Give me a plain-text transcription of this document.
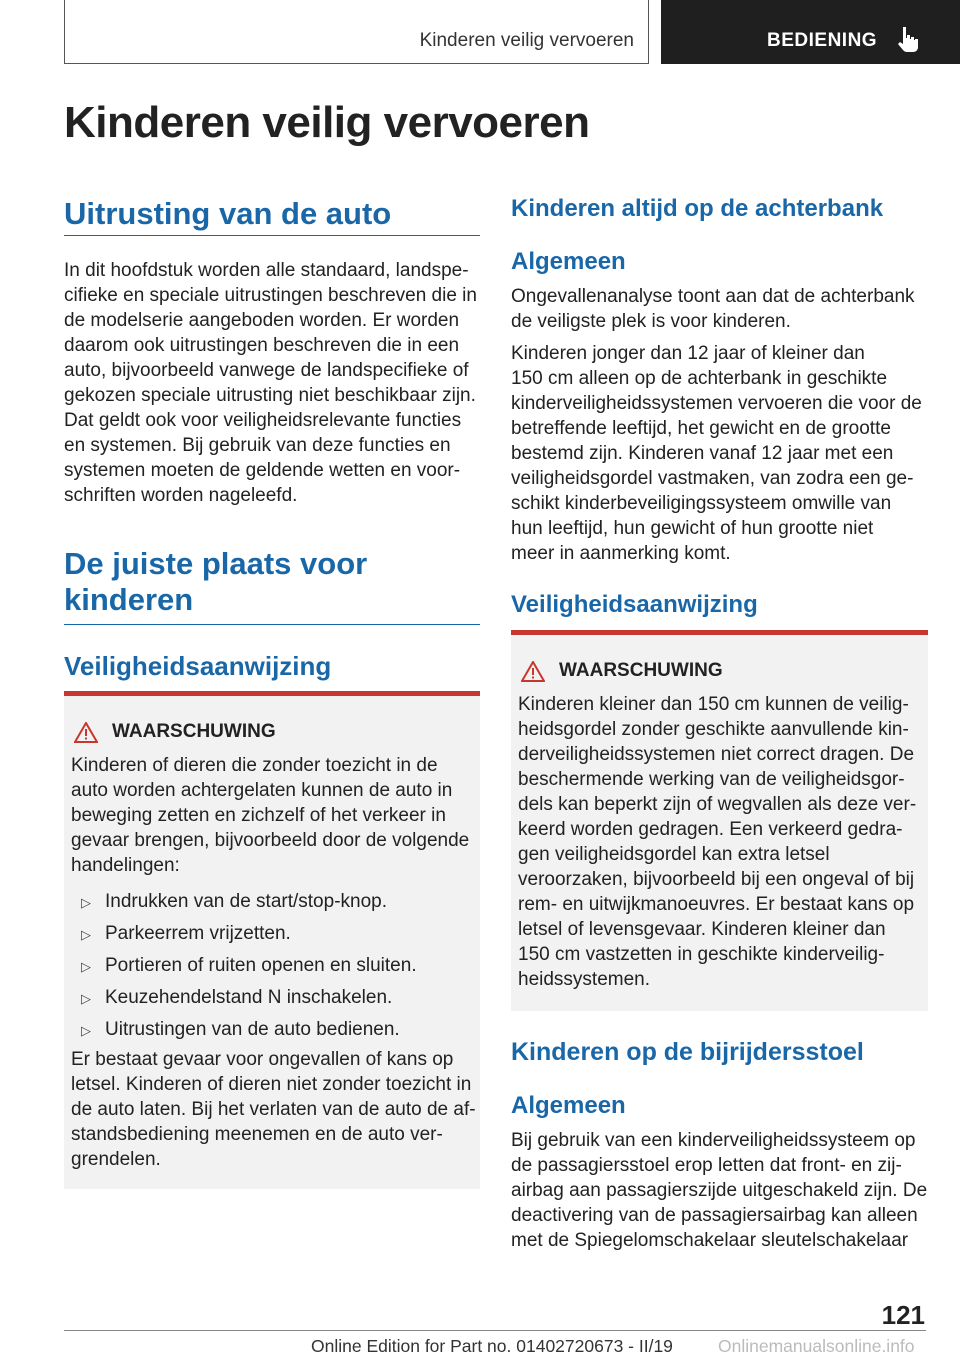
Kinderen veilig vervoeren	BEDIENING
Kinderen veilig vervoeren
Uitrusting van de auto

In dit hoofdstuk worden alle standaard, landspe-

cifieke en speciale uitrustingen beschreven die in

de modelserie aangeboden worden. Er worden

daarom ook uitrustingen beschreven die in een

auto, bijvoorbeeld vanwege de landspecifieke of

gekozen speciale uitrusting niet beschikbaar zijn.

Dat geldt ook voor veiligheidsrelevante functies

en systemen. Bij gebruik van deze functies en

systemen moeten de geldende wetten en voor-

schriften worden nageleefd.

De juiste plaats voor
kinderen
Veiligheidsaanwijzing
WAARSCHUWING

Kinderen of dieren die zonder toezicht in de

auto worden achtergelaten kunnen de auto in

beweging zetten en zichzelf of het verkeer in

gevaar brengen, bijvoorbeeld door de volgende

handelingen:

▷ Indrukken van de start/stop-knop.
▷ Parkeerrem vrijzetten.
▷ Portieren of ruiten openen en sluiten.
▷ Keuzehendelstand N inschakelen.
▷ Uitrustingen van de auto bedienen.

Er bestaat gevaar voor ongevallen of kans op

letsel. Kinderen of dieren niet zonder toezicht in

de auto laten. Bij het verlaten van de auto de af-

standsbediening meenemen en de auto ver-

grendelen.

Kinderen altijd op de achterbank
Algemeen

Ongevallenanalyse toont aan dat de achterbank

de veiligste plek is voor kinderen.

Kinderen jonger dan 12 jaar of kleiner dan

150 cm alleen op de achterbank in geschikte

kinderveiligheidssystemen vervoeren die voor de

betreffende leeftijd, het gewicht en de grootte

bestemd zijn. Kinderen vanaf 12 jaar met een

veiligheidsgordel vastmaken, van zodra een ge-

schikt kinderbeveiligingssysteem omwille van

hun leeftijd, hun gewicht of hun grootte niet

meer in aanmerking komt.

Veiligheidsaanwijzing
WAARSCHUWING

Kinderen kleiner dan 150 cm kunnen de veilig-

heidsgordel zonder geschikte aanvullende kin-

derveiligheidssystemen niet correct dragen. De

beschermende werking van de veiligheidsgor-

dels kan beperkt zijn of wegvallen als deze ver-

keerd worden gedragen. Een verkeerd gedra-

gen veiligheidsgordel kan extra letsel

veroorzaken, bijvoorbeeld bij een ongeval of bij

rem- en uitwijkmanoeuvres. Er bestaat kans op

letsel of levensgevaar. Kinderen kleiner dan

150 cm vastzetten in geschikte kinderveilig-

heidssystemen.

Kinderen op de bijrijdersstoel
Algemeen

Bij gebruik van een kinderveiligheidssysteem op

de passagiersstoel erop letten dat front- en zij-

airbag aan passagierszijde uitgeschakeld zijn. De

deactivering van de passagiersairbag kan alleen

met de Spiegelomschakelaar sleutelschakelaar

121
Online Edition for Part no. 01402720673 - II/19	Onlinemanualsonline.info
